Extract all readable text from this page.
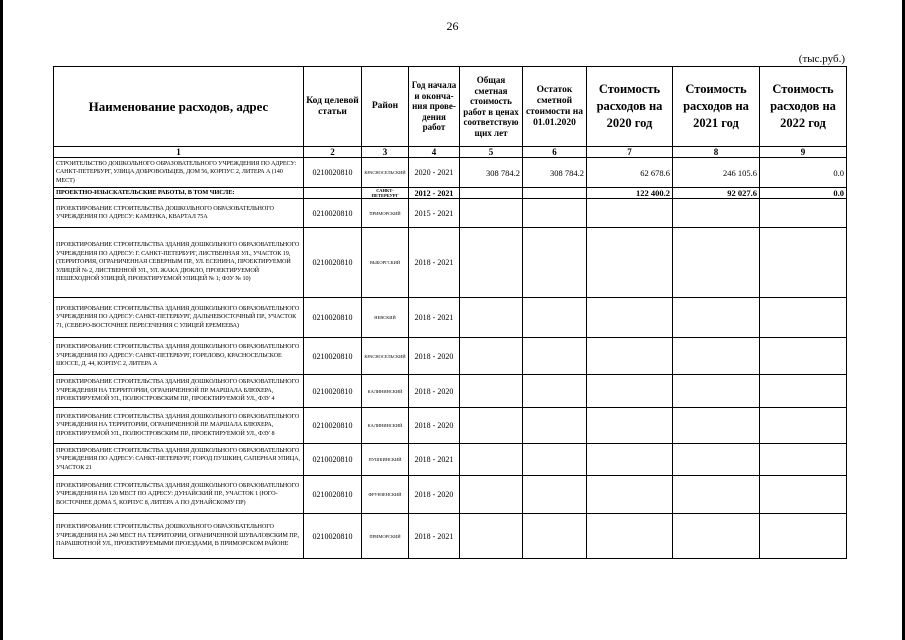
26
(тыс.руб.)
Наименование расходов, адрес	Код целевой статьи	Район	Год начала и оконча-ния прове-дения работ	Общая сметная стоимость работ в ценах соответствую щих лет	Остаток сметной стоимости на 01.01.2020	Стоимость расходов на 2020 год	Стоимость расходов на 2021 год	Стоимость расходов на 2022 год
1	2	3	4	5	6	7	8	9
СТРОИТЕЛЬСТВО ДОШКОЛЬНОГО ОБРАЗОВАТЕЛЬНОГО УЧРЕЖДЕНИЯ ПО АДРЕСУ: САНКТ-ПЕТЕРБУРГ, УЛИЦА ДОБРОВОЛЬЦЕВ, ДОМ 56, КОРПУС 2, ЛИТЕРА А (140 МЕСТ)	0210020810	КРАСНОСЕЛЬСКИЙ	2020 - 2021	308 784.2	308 784.2	62 678.6	246 105.6	0.0
ПРОЕКТНО-ИЗЫСКАТЕЛЬСКИЕ РАБОТЫ, В ТОМ ЧИСЛЕ:		САНКТ-ПЕТЕРБУРГ	2012 - 2021			122 400.2	92 027.6	0.0
ПРОЕКТИРОВАНИЕ СТРОИТЕЛЬСТВА ДОШКОЛЬНОГО ОБРАЗОВАТЕЛЬНОГО УЧРЕЖДЕНИЯ ПО АДРЕСУ: КАМЕНКА, КВАРТАЛ 75А	0210020810	ПРИМОРСКИЙ	2015 - 2021					
ПРОЕКТИРОВАНИЕ СТРОИТЕЛЬСТВА ЗДАНИЯ ДОШКОЛЬНОГО ОБРАЗОВАТЕЛЬНОГО УЧРЕЖДЕНИЯ ПО АДРЕСУ: Г. САНКТ-ПЕТЕРБУРГ, ЛИСТВЕННАЯ УЛ., УЧАСТОК 19, (ТЕРРИТОРИЯ, ОГРАНИЧЕННАЯ СЕВЕРНЫМ ПР., УЛ. ЕСЕНИНА, ПРОЕКТИРУЕМОЙ УЛИЦЕЙ № 2, ЛИСТВЕННОЙ УЛ., УЛ. ЖАКА ДЮКЛО, ПРОЕКТИРУЕМОЙ ПЕШЕХОДНОЙ УЛИЦЕЙ, ПРОЕКТИРУЕМОЙ УЛИЦЕЙ № 1; ФЗУ № 10)	0210020810	ВЫБОРГСКИЙ	2018 - 2021					
ПРОЕКТИРОВАНИЕ СТРОИТЕЛЬСТВА ЗДАНИЯ ДОШКОЛЬНОГО ОБРАЗОВАТЕЛЬНОГО УЧРЕЖДЕНИЯ ПО АДРЕСУ: САНКТ-ПЕТЕРБУРГ, ДАЛЬНЕВОСТОЧНЫЙ ПР., УЧАСТОК 71, (СЕВЕРО-ВОСТОЧНЕЕ ПЕРЕСЕЧЕНИЯ С УЛИЦЕЙ ЕРЕМЕЕВА)	0210020810	НЕВСКИЙ	2018 - 2021					
ПРОЕКТИРОВАНИЕ СТРОИТЕЛЬСТВА ЗДАНИЯ ДОШКОЛЬНОГО ОБРАЗОВАТЕЛЬНОГО УЧРЕЖДЕНИЯ ПО АДРЕСУ: САНКТ-ПЕТЕРБУРГ, ГОРЕЛОВО, КРАСНОСЕЛЬСКОЕ ШОССЕ, Д. 44, КОРПУС 2, ЛИТЕРА А	0210020810	КРАСНОСЕЛЬСКИЙ	2018 - 2020					
ПРОЕКТИРОВАНИЕ СТРОИТЕЛЬСТВА ЗДАНИЯ ДОШКОЛЬНОГО ОБРАЗОВАТЕЛЬНОГО УЧРЕЖДЕНИЯ НА ТЕРРИТОРИИ, ОГРАНИЧЕННОЙ ПР. МАРШАЛА БЛЮХЕРА, ПРОЕКТИРУЕМОЙ УЛ., ПОЛЮСТРОВСКИМ ПР., ПРОЕКТИРУЕМОЙ УЛ., ФЗУ 4	0210020810	КАЛИНИНСКИЙ	2018 - 2020					
ПРОЕКТИРОВАНИЕ СТРОИТЕЛЬСТВА ЗДАНИЯ ДОШКОЛЬНОГО ОБРАЗОВАТЕЛЬНОГО УЧРЕЖДЕНИЯ НА ТЕРРИТОРИИ, ОГРАНИЧЕННОЙ ПР. МАРШАЛА БЛЮХЕРА, ПРОЕКТИРУЕМОЙ УЛ., ПОЛЮСТРОВСКИМ ПР., ПРОЕКТИРУЕМОЙ УЛ., ФЗУ 8	0210020810	КАЛИНИНСКИЙ	2018 - 2020					
ПРОЕКТИРОВАНИЕ СТРОИТЕЛЬСТВА ЗДАНИЯ ДОШКОЛЬНОГО ОБРАЗОВАТЕЛЬНОГО УЧРЕЖДЕНИЯ ПО АДРЕСУ: САНКТ-ПЕТЕРБУРГ, ГОРОД ПУШКИН, САПЕРНАЯ УЛИЦА, УЧАСТОК 21	0210020810	ПУШКИНСКИЙ	2018 - 2021					
ПРОЕКТИРОВАНИЕ СТРОИТЕЛЬСТВА ЗДАНИЯ ДОШКОЛЬНОГО ОБРАЗОВАТЕЛЬНОГО УЧРЕЖДЕНИЯ НА 120 МЕСТ ПО АДРЕСУ: ДУНАЙСКИЙ ПР., УЧАСТОК 1 (ЮГО-ВОСТОЧНЕЕ ДОМА 5, КОРПУС 8, ЛИТЕРА А ПО ДУНАЙСКОМУ ПР)	0210020810	ФРУНЗЕНСКИЙ	2018 - 2020					
ПРОЕКТИРОВАНИЕ СТРОИТЕЛЬСТВА ДОШКОЛЬНОГО ОБРАЗОВАТЕЛЬНОГО УЧРЕЖДЕНИЯ НА 240 МЕСТ НА ТЕРРИТОРИИ, ОГРАНИЧЕННОЙ ШУВАЛОВСКИМ ПР., ПАРАШЮТНОЙ УЛ., ПРОЕКТИРУЕМЫМИ ПРОЕЗДАМИ, В ПРИМОРСКОМ РАЙОНЕ	0210020810	ПРИМОРСКИЙ	2018 - 2021					
